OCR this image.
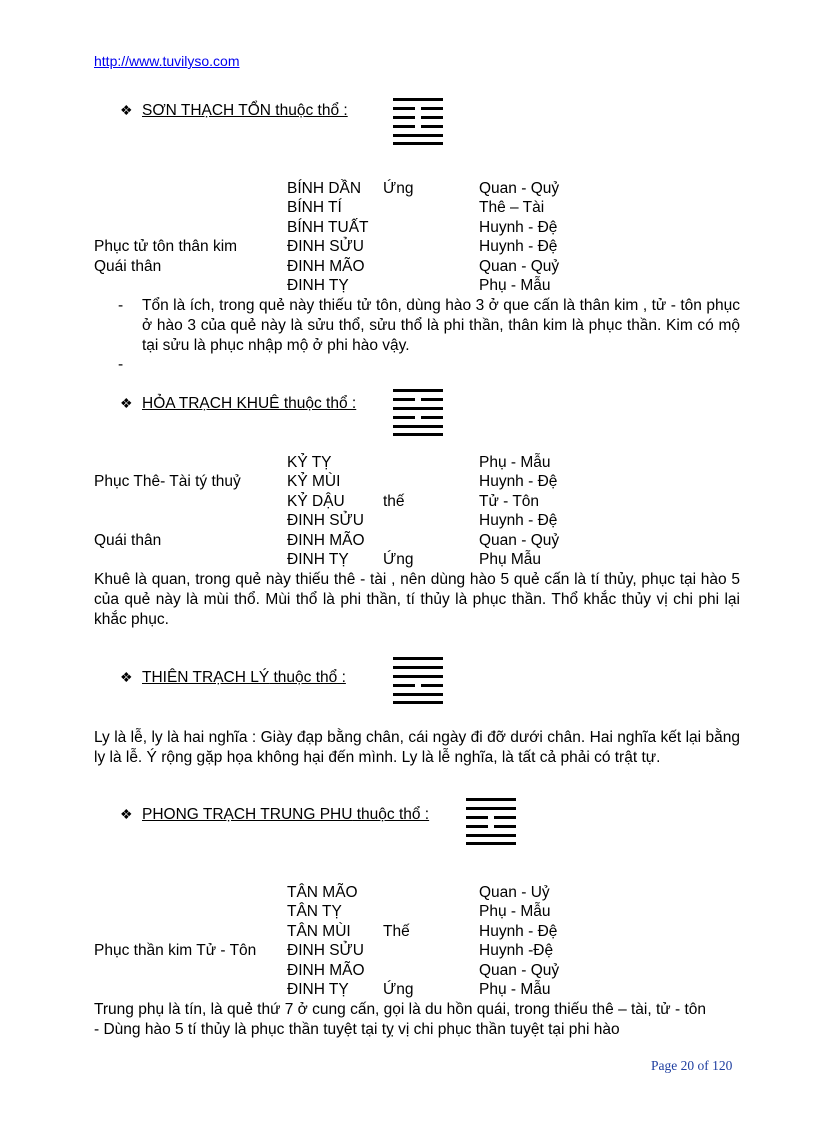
http://www.tuvilyso.com
❖ SƠN THẠCH TỔN thuộc thổ :
BÍNH DẦN Ứng	Quan - Quỷ
BÍNH TÍ	Thê – Tài
BÍNH TUẤT	Huynh - Đệ
Phục tử tôn thân kim	ĐINH SỬU	Huynh - Đệ
Quái thân	ĐINH MÃO	Quan - Quỷ
ĐINH TỴ	Phụ - Mẫu
- Tổn là ích, trong quẻ này thiếu tử tôn, dùng hào 3 ở que cấn là thân kim , tử - tôn phục ở hào 3 của quẻ này là sửu thổ, sửu thổ là phi thần, thân kim là phục thần. Kim có mộ tại sửu là phục nhập mộ ở phi hào vậy.
-
❖ HỎA TRẠCH KHUÊ thuộc thổ :
KỶ TỴ	Phụ - Mẫu
Phục Thê- Tài tý thuỷ	KỶ MÙI	Huynh - Đệ
KỶ DẬU thế	Tử - Tôn
ĐINH SỬU	Huynh - Đệ
Quái thân	ĐINH MÃO	Quan - Quỷ
ĐINH TỴ Ứng	Phụ Mẫu
Khuê là quan, trong quẻ này thiếu thê - tài , nên dùng hào 5 quẻ cấn là tí thủy, phục tại hào 5 của quẻ này là mùi thổ. Mùi thổ là phi thần, tí thủy là phục thần. Thổ khắc thủy vị chi phi lại khắc phục.
❖ THIÊN TRẠCH LÝ thuộc thổ :
Ly là lễ, ly là hai nghĩa : Giày đạp bằng chân, cái ngày đi đỡ dưới chân. Hai nghĩa kết lại bằng ly là lễ. Ý rộng gặp họa không hại đến mình. Ly là lễ nghĩa, là tất cả phải có trật tự.
❖ PHONG TRẠCH TRUNG PHU thuộc thổ :
TÂN MÃO	Quan - Uỷ
TÂN TỴ	Phụ - Mẫu
TÂN MÙI Thế	Huynh - Đệ
Phục thần kim Tử - Tôn ĐINH SỬU	Huynh -Đệ
ĐINH MÃO	Quan - Quỷ
ĐINH TỴ Ứng	Phụ - Mẫu
Trung phụ là tín, là quẻ thứ 7 ở cung cấn, gọi là du hồn quái, trong thiếu thê – tài, tử - tôn
- Dùng hào 5 tí thủy là phục thần tuyệt tại tỵ vị chi phục thần tuyệt tại phi hào
Page 20 of 120
